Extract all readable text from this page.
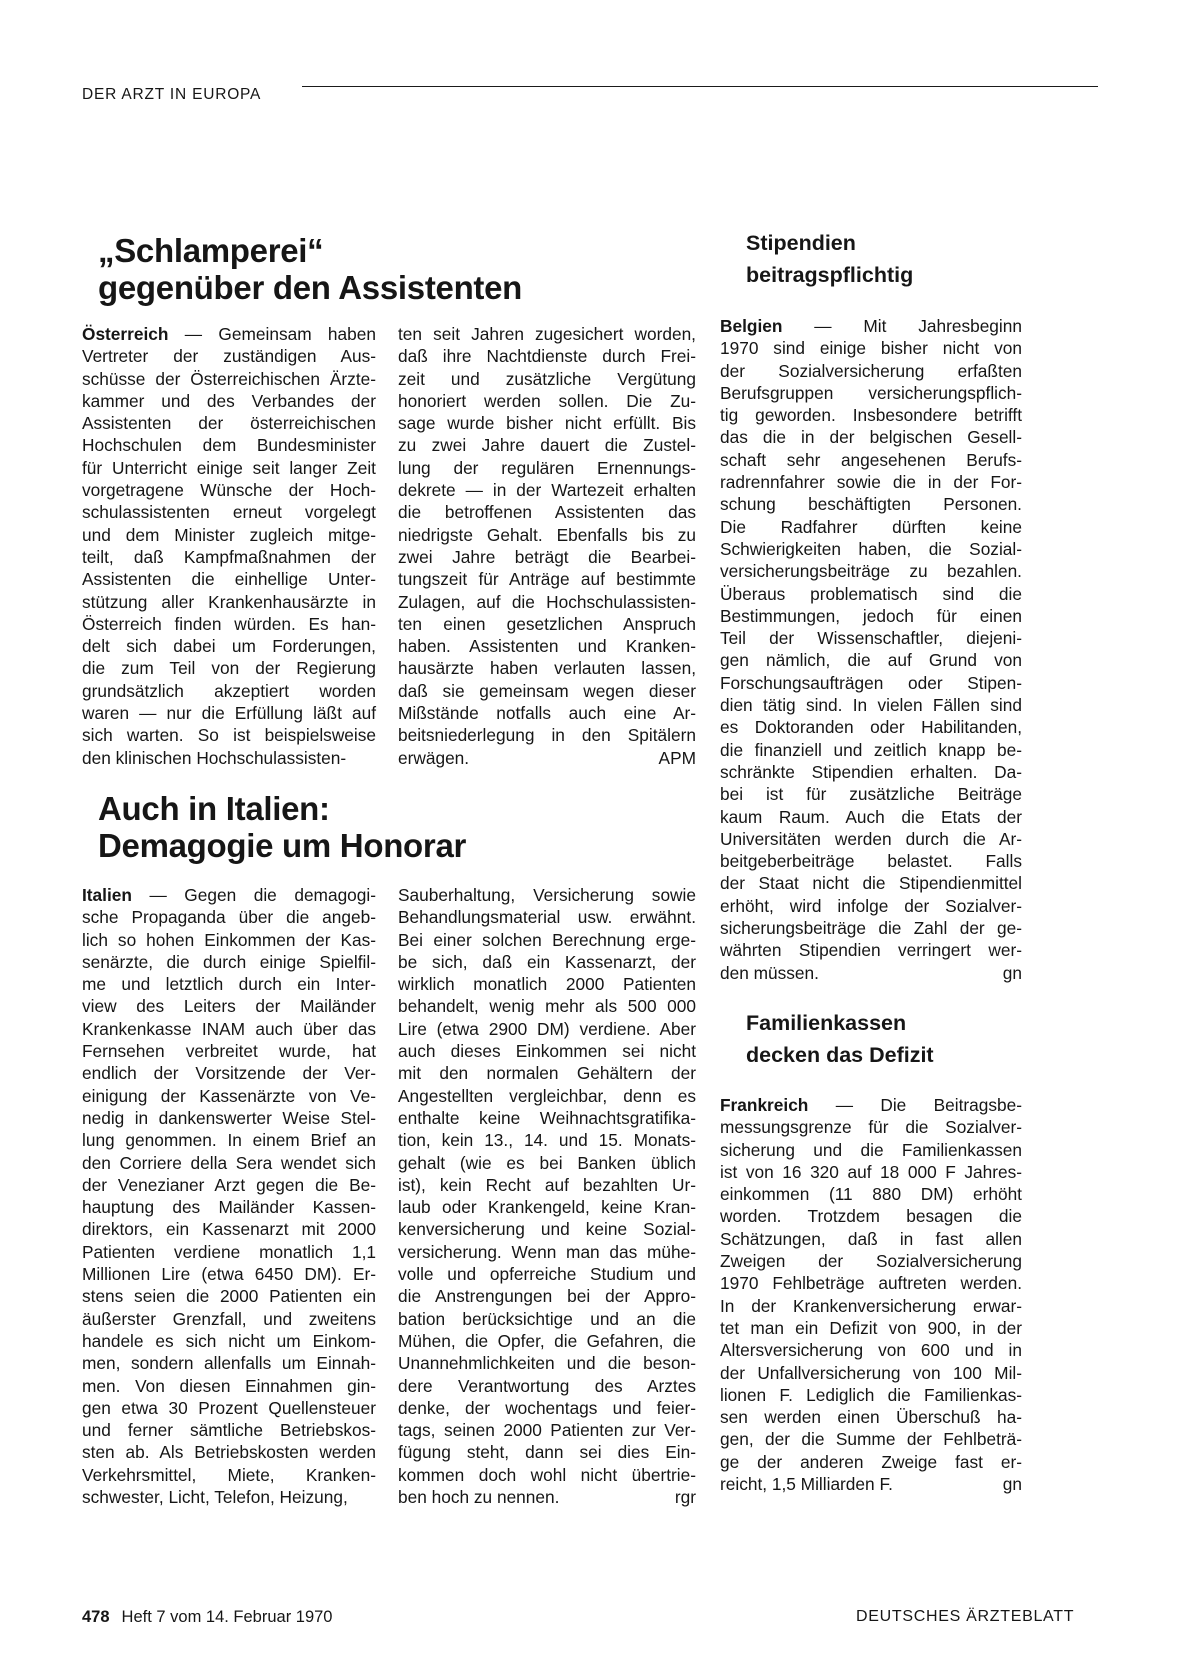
DER ARZT IN EUROPA
„Schlamperei“
gegenüber den Assistenten
Österreich — Gemeinsam haben
Vertreter der zuständigen Aus-
schüsse der Österreichischen Ärzte-
kammer und des Verbandes der
Assistenten der österreichischen
Hochschulen dem Bundesminister
für Unterricht einige seit langer Zeit
vorgetragene Wünsche der Hoch-
schulassistenten erneut vorgelegt
und dem Minister zugleich mitge-
teilt, daß Kampfmaßnahmen der
Assistenten die einhellige Unter-
stützung aller Krankenhausärzte in
Österreich finden würden. Es han-
delt sich dabei um Forderungen,
die zum Teil von der Regierung
grundsätzlich akzeptiert worden
waren — nur die Erfüllung läßt auf
sich warten. So ist beispielsweise
den klinischen Hochschulassisten-
ten seit Jahren zugesichert worden,
daß ihre Nachtdienste durch Frei-
zeit und zusätzliche Vergütung
honoriert werden sollen. Die Zu-
sage wurde bisher nicht erfüllt. Bis
zu zwei Jahre dauert die Zustel-
lung der regulären Ernennungs-
dekrete — in der Wartezeit erhalten
die betroffenen Assistenten das
niedrigste Gehalt. Ebenfalls bis zu
zwei Jahre beträgt die Bearbei-
tungszeit für Anträge auf bestimmte
Zulagen, auf die Hochschulassisten-
ten einen gesetzlichen Anspruch
haben. Assistenten und Kranken-
hausärzte haben verlauten lassen,
daß sie gemeinsam wegen dieser
Mißstände notfalls auch eine Ar-
beitsniederlegung in den Spitälern
erwägen.	APM
Auch in Italien:
Demagogie um Honorar
Italien — Gegen die demagogi-
sche Propaganda über die angeb-
lich so hohen Einkommen der Kas-
senärzte, die durch einige Spielfil-
me und letztlich durch ein Inter-
view des Leiters der Mailänder
Krankenkasse INAM auch über das
Fernsehen verbreitet wurde, hat
endlich der Vorsitzende der Ver-
einigung der Kassenärzte von Ve-
nedig in dankenswerter Weise Stel-
lung genommen. In einem Brief an
den Corriere della Sera wendet sich
der Venezianer Arzt gegen die Be-
hauptung des Mailänder Kassen-
direktors, ein Kassenarzt mit 2000
Patienten verdiene monatlich 1,1
Millionen Lire (etwa 6450 DM). Er-
stens seien die 2000 Patienten ein
äußerster Grenzfall, und zweitens
handele es sich nicht um Einkom-
men, sondern allenfalls um Einnah-
men. Von diesen Einnahmen gin-
gen etwa 30 Prozent Quellensteuer
und ferner sämtliche Betriebskos-
sten ab. Als Betriebskosten werden
Verkehrsmittel, Miete, Kranken-
schwester, Licht, Telefon, Heizung,
Sauberhaltung, Versicherung sowie
Behandlungsmaterial usw. erwähnt.
Bei einer solchen Berechnung erge-
be sich, daß ein Kassenarzt, der
wirklich monatlich 2000 Patienten
behandelt, wenig mehr als 500 000
Lire (etwa 2900 DM) verdiene. Aber
auch dieses Einkommen sei nicht
mit den normalen Gehältern der
Angestellten vergleichbar, denn es
enthalte keine Weihnachtsgratifika-
tion, kein 13., 14. und 15. Monats-
gehalt (wie es bei Banken üblich
ist), kein Recht auf bezahlten Ur-
laub oder Krankengeld, keine Kran-
kenversicherung und keine Sozial-
versicherung. Wenn man das mühe-
volle und opferreiche Studium und
die Anstrengungen bei der Appro-
bation berücksichtige und an die
Mühen, die Opfer, die Gefahren, die
Unannehmlichkeiten und die beson-
dere Verantwortung des Arztes
denke, der wochentags und feier-
tags, seinen 2000 Patienten zur Ver-
fügung steht, dann sei dies Ein-
kommen doch wohl nicht übertrie-
ben hoch zu nennen.	rgr
Stipendien
beitragspflichtig
Belgien — Mit Jahresbeginn
1970 sind einige bisher nicht von
der Sozialversicherung erfaßten
Berufsgruppen versicherungspflich-
tig geworden. Insbesondere betrifft
das die in der belgischen Gesell-
schaft sehr angesehenen Berufs-
radrennfahrer sowie die in der For-
schung beschäftigten Personen.
Die Radfahrer dürften keine
Schwierigkeiten haben, die Sozial-
versicherungsbeiträge zu bezahlen.
Überaus problematisch sind die
Bestimmungen, jedoch für einen
Teil der Wissenschaftler, diejeni-
gen nämlich, die auf Grund von
Forschungsaufträgen oder Stipen-
dien tätig sind. In vielen Fällen sind
es Doktoranden oder Habilitanden,
die finanziell und zeitlich knapp be-
schränkte Stipendien erhalten. Da-
bei ist für zusätzliche Beiträge
kaum Raum. Auch die Etats der
Universitäten werden durch die Ar-
beitgeberbeiträge belastet. Falls
der Staat nicht die Stipendienmittel
erhöht, wird infolge der Sozialver-
sicherungsbeiträge die Zahl der ge-
währten Stipendien verringert wer-
den müssen.	gn
Familienkassen
decken das Defizit
Frankreich — Die Beitragsbe-
messungsgrenze für die Sozialver-
sicherung und die Familienkassen
ist von 16 320 auf 18 000 F Jahres-
einkommen (11 880 DM) erhöht
worden. Trotzdem besagen die
Schätzungen, daß in fast allen
Zweigen der Sozialversicherung
1970 Fehlbeträge auftreten werden.
In der Krankenversicherung erwar-
tet man ein Defizit von 900, in der
Altersversicherung von 600 und in
der Unfallversicherung von 100 Mil-
lionen F. Lediglich die Familienkas-
sen werden einen Überschuß ha-
gen, der die Summe der Fehlbeträ-
ge der anderen Zweige fast er-
reicht, 1,5 Milliarden F.	gn
478 Heft 7 vom 14. Februar 1970	DEUTSCHES ÄRZTEBLATT
